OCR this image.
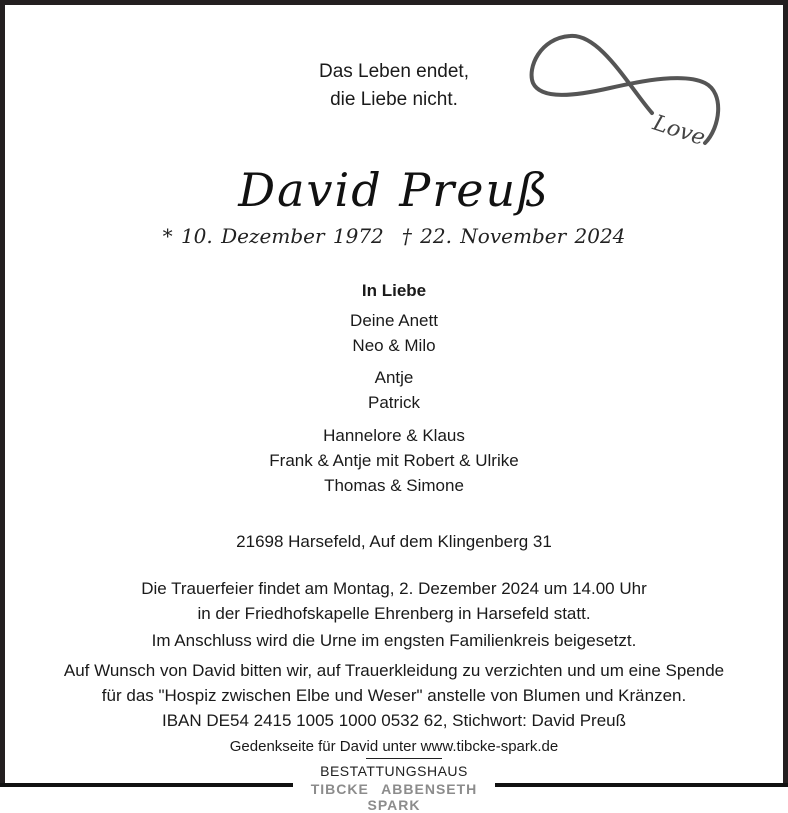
Das Leben endet,
die Liebe nicht.
Love
David Preuß
* 10. Dezember 1972 † 22. November 2024
In Liebe
Deine Anett
Neo & Milo
Antje
Patrick
Hannelore & Klaus
Frank & Antje mit Robert & Ulrike
Thomas & Simone
21698 Harsefeld, Auf dem Klingenberg 31
Die Trauerfeier findet am Montag, 2. Dezember 2024 um 14.00 Uhr
in der Friedhofskapelle Ehrenberg in Harsefeld statt.
Im Anschluss wird die Urne im engsten Familienkreis beigesetzt.
Auf Wunsch von David bitten wir, auf Trauerkleidung zu verzichten und um eine Spende
für das "Hospiz zwischen Elbe und Weser" anstelle von Blumen und Kränzen.
IBAN DE54 2415 1005 1000 0532 62, Stichwort: David Preuß
Gedenkseite für David unter www.tibcke-spark.de
BESTATTUNGSHAUS
TIBCKE ABBENSETH SPARK
